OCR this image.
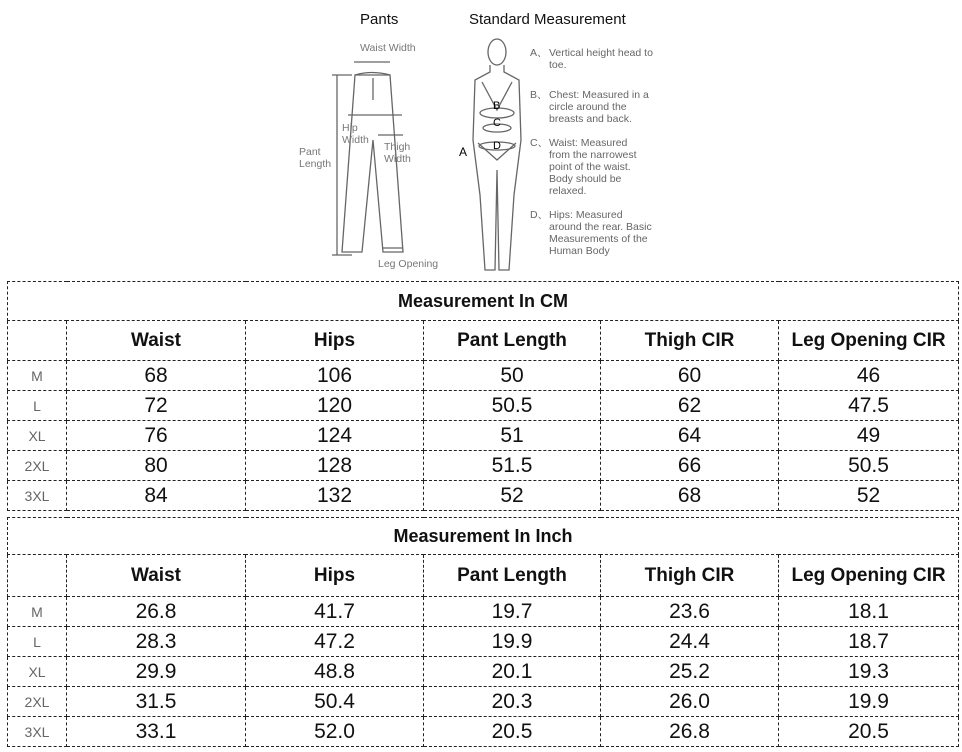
Pants	Standard Measurement
Waist Width
Hip Width
Pant Length
Thigh Width
Leg Opening
A
B
C
D
A、 Vertical height head to toe.
B、 Chest: Measured in a circle around the breasts and back.
C、 Waist: Measured from the narrowest point of the waist. Body should be relaxed.
D、 Hips: Measured around the rear. Basic Measurements of the Human Body
Measurement In CM					
	Waist	Hips	Pant Length	Thigh CIR	Leg Opening CIR
M	68	106	50	60	46
L	72	120	50.5	62	47.5
XL	76	124	51	64	49
2XL	80	128	51.5	66	50.5
3XL	84	132	52	68	52
Measurement In Inch					
	Waist	Hips	Pant Length	Thigh CIR	Leg Opening CIR
M	26.8	41.7	19.7	23.6	18.1
L	28.3	47.2	19.9	24.4	18.7
XL	29.9	48.8	20.1	25.2	19.3
2XL	31.5	50.4	20.3	26.0	19.9
3XL	33.1	52.0	20.5	26.8	20.5
